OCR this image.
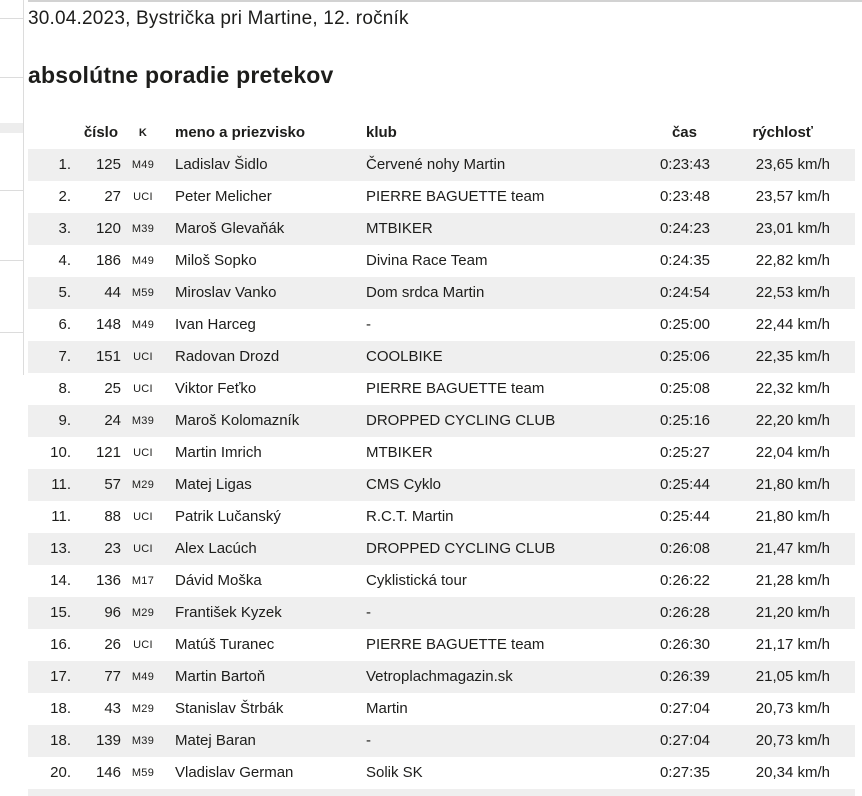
30.04.2023, Bystrička pri Martine, 12. ročník

absolútne poradie pretekov
číslo	K	meno a priezvisko	klub	čas	rýchlosť
1.	125 M49	Ladislav Šidlo	Červené nohy Martin	0:23:43	23,65 km/h
2.	27	UCI	Peter Melicher	PIERRE BAGUETTE team	0:23:48	23,57 km/h
3.	120 M39	Maroš Glevaňák	MTBIKER	0:24:23	23,01 km/h
4.	186 M49	Miloš Sopko	Divina Race Team	0:24:35	22,82 km/h
5.	44 M59	Miroslav Vanko	Dom srdca Martin	0:24:54	22,53 km/h
6.	148 M49	Ivan Harceg	-	0:25:00	22,44 km/h
7.	151	UCI	Radovan Drozd	COOLBIKE	0:25:06	22,35 km/h
8.	25	UCI	Viktor Feťko	PIERRE BAGUETTE team	0:25:08	22,32 km/h
9.	24 M39	Maroš Kolomazník	DROPPED CYCLING CLUB	0:25:16	22,20 km/h
10.	121	UCI	Martin Imrich	MTBIKER	0:25:27	22,04 km/h
11.	57 M29	Matej Ligas	CMS Cyklo	0:25:44	21,80 km/h
11.	88	UCI	Patrik Lučanský	R.C.T. Martin	0:25:44	21,80 km/h
13.	23	UCI	Alex Lacúch	DROPPED CYCLING CLUB	0:26:08	21,47 km/h
14.	136 M17	Dávid Moška	Cyklistická tour	0:26:22	21,28 km/h
15.	96 M29	František Kyzek	-	0:26:28	21,20 km/h
16.	26	UCI	Matúš Turanec	PIERRE BAGUETTE team	0:26:30	21,17 km/h
17.	77 M49	Martin Bartoň	Vetroplachmagazin.sk	0:26:39	21,05 km/h
18.	43 M29	Stanislav Štrbák	Martin	0:27:04	20,73 km/h
18.	139 M39	Matej Baran	-	0:27:04	20,73 km/h
20.	146 M59	Vladislav German	Solik SK	0:27:35	20,34 km/h
